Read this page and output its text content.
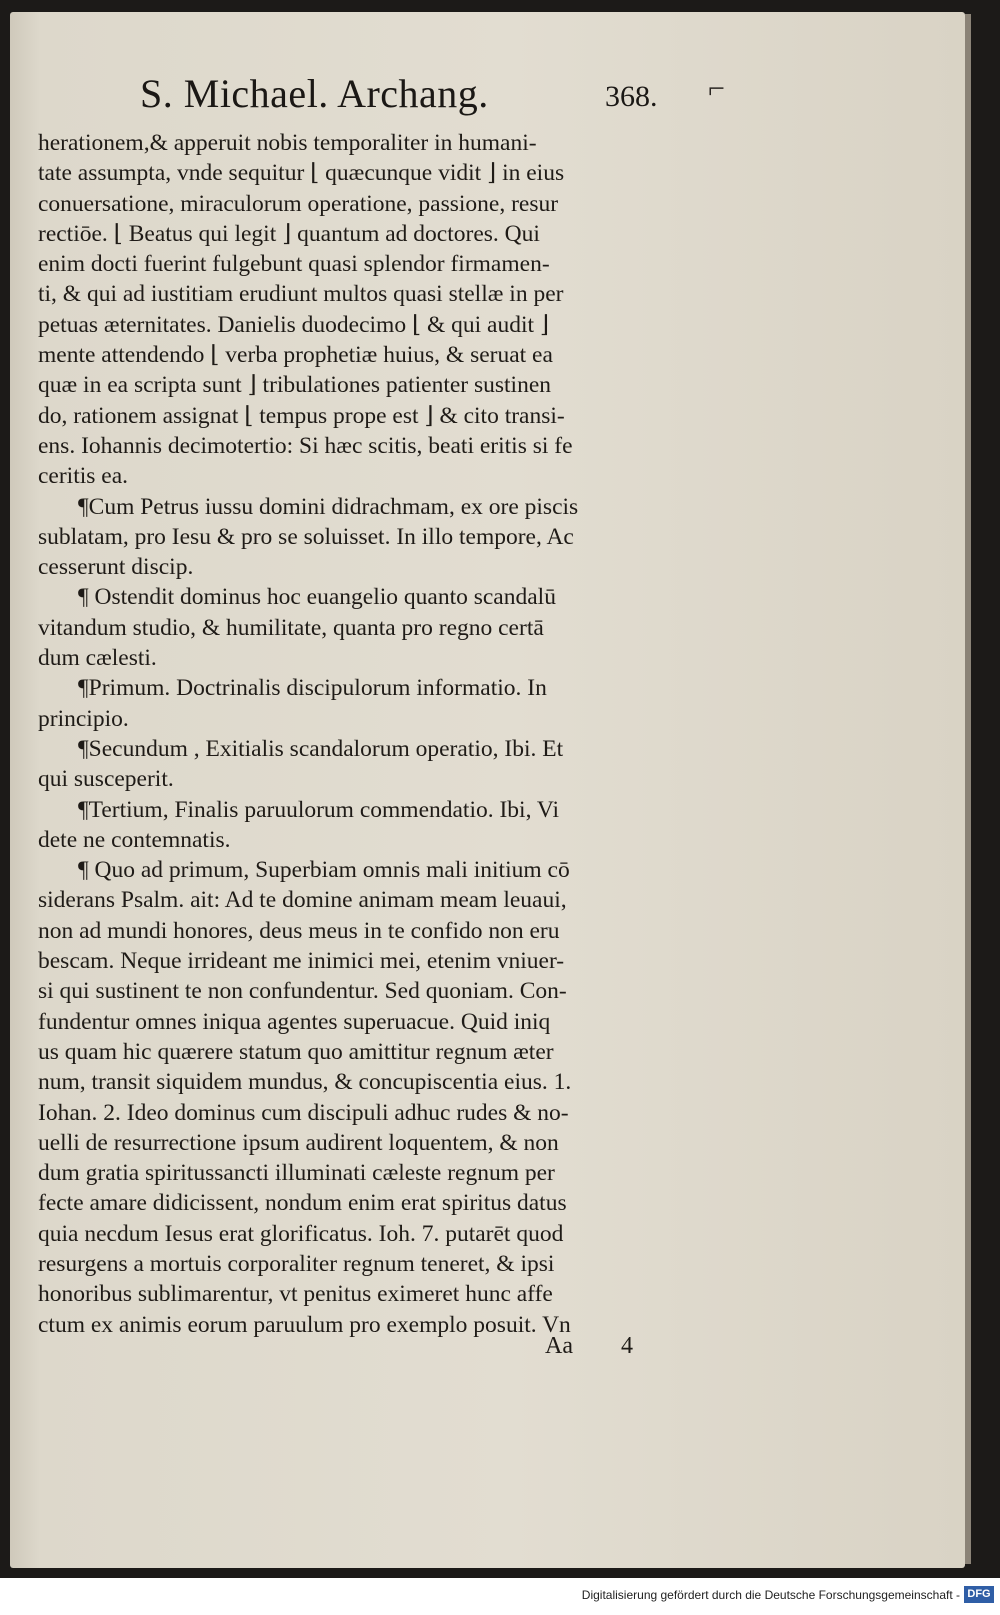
S. Michael. Archang.	368. ⌐
herationem,& apperuit nobis temporaliter in humani-
tate assumpta, vnde sequitur ⌊ quæcunque vidit ⌋ in eius
conuersatione, miraculorum operatione, passione, resur
rectiōe. ⌊ Beatus qui legit ⌋ quantum ad doctores. Qui
enim docti fuerint fulgebunt quasi splendor firmamen-
ti, & qui ad iustitiam erudiunt multos quasi stellæ in per
petuas æternitates. Danielis duodecimo ⌊ & qui audit ⌋
mente attendendo ⌊ verba prophetiæ huius, & seruat ea
quæ in ea scripta sunt ⌋ tribulationes patienter sustinen
do, rationem assignat ⌊ tempus prope est ⌋ & cito transi-
ens. Iohannis decimotertio: Si hæc scitis, beati eritis si fe
ceritis ea.
¶Cum Petrus iussu domini didrachmam, ex ore piscis
sublatam, pro Iesu & pro se soluisset. In illo tempore, Ac
cesserunt discip.
¶ Ostendit dominus hoc euangelio quanto scandalū
vitandum studio, & humilitate, quanta pro regno certā
dum cælesti.
¶Primum. Doctrinalis discipulorum informatio. In
principio.
¶Secundum , Exitialis scandalorum operatio, Ibi. Et
qui susceperit.
¶Tertium, Finalis paruulorum commendatio. Ibi, Vi
dete ne contemnatis.
¶ Quo ad primum, Superbiam omnis mali initium cō
siderans Psalm. ait: Ad te domine animam meam leuaui,
non ad mundi honores, deus meus in te confido non eru
bescam. Neque irrideant me inimici mei, etenim vniuer-
si qui sustinent te non confundentur. Sed quoniam. Con-
fundentur omnes iniqua agentes superuacue. Quid iniq
us quam hic quærere statum quo amittitur regnum æter
num, transit siquidem mundus, & concupiscentia eius. 1.
Iohan. 2. Ideo dominus cum discipuli adhuc rudes & no-
uelli de resurrectione ipsum audirent loquentem, & non
dum gratia spiritussancti illuminati cæleste regnum per
fecte amare didicissent, nondum enim erat spiritus datus
quia necdum Iesus erat glorificatus. Ioh. 7. putarēt quod
resurgens a mortuis corporaliter regnum teneret, & ipsi
honoribus sublimarentur, vt penitus eximeret hunc affe
ctum ex animis eorum paruulum pro exemplo posuit. Vn
Aa 4
Digitalisierung gefördert durch die Deutsche Forschungsgemeinschaft - DFG
